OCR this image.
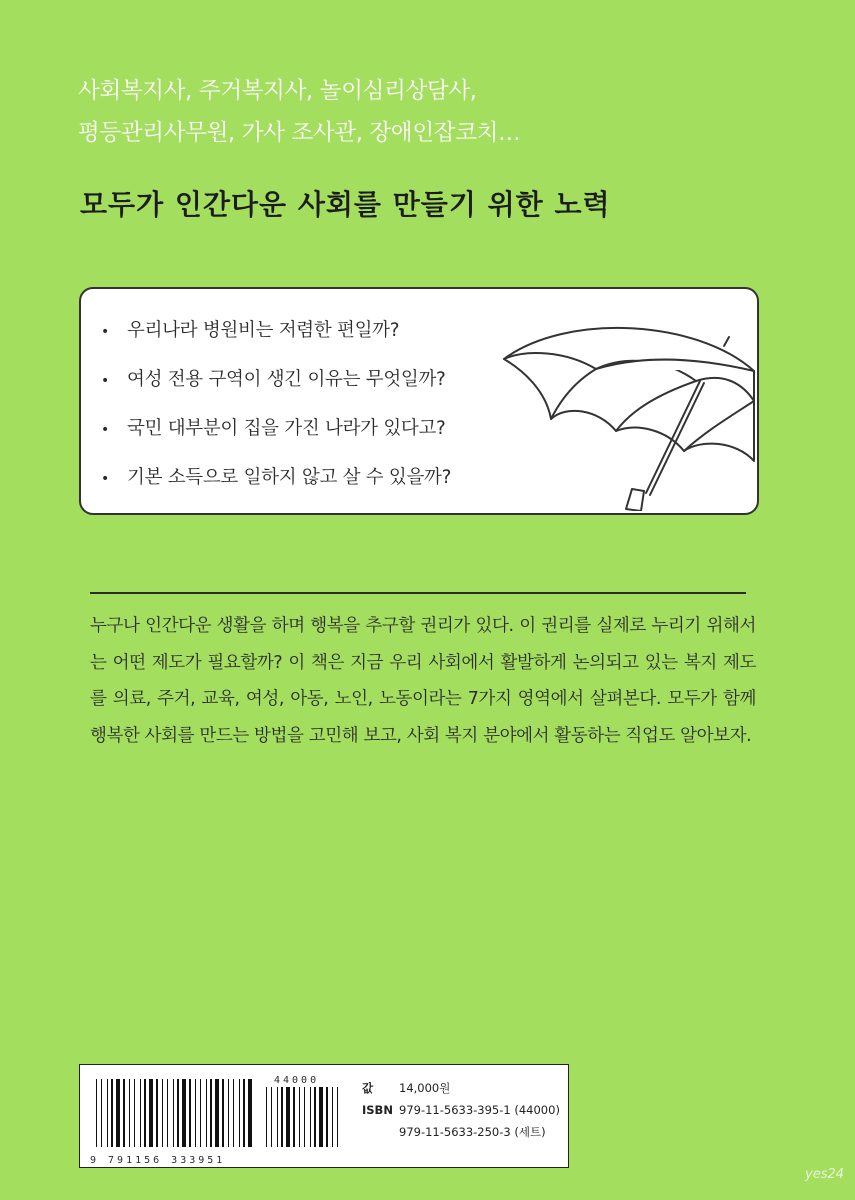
사회복지사, 주거복지사, 놀이심리상담사,
평등관리사무원, 가사 조사관, 장애인잡코치…
모두가 인간다운 사회를 만들기 위한 노력
• 우리나라 병원비는 저렴한 편일까?
• 여성 전용 구역이 생긴 이유는 무엇일까?
• 국민 대부분이 집을 가진 나라가 있다고?
• 기본 소득으로 일하지 않고 살 수 있을까?

누구나 인간다운 생활을 하며 행복을 추구할 권리가 있다. 이 권리를 실제로 누리기 위해서는 어떤 제도가 필요할까? 이 책은 지금 우리 사회에서 활발하게 논의되고 있는 복지 제도를 의료, 주거, 교육, 여성, 아동, 노인, 노동이라는 7가지 영역에서 살펴본다. 모두가 함께 행복한 사회를 만드는 방법을 고민해 보고, 사회 복지 분야에서 활동하는 직업도 알아보자.

44000
9 791156 333951
값 14,000원
ISBN 979-11-5633-395-1 (44000)
979-11-5633-250-3 (세트)
yes24
